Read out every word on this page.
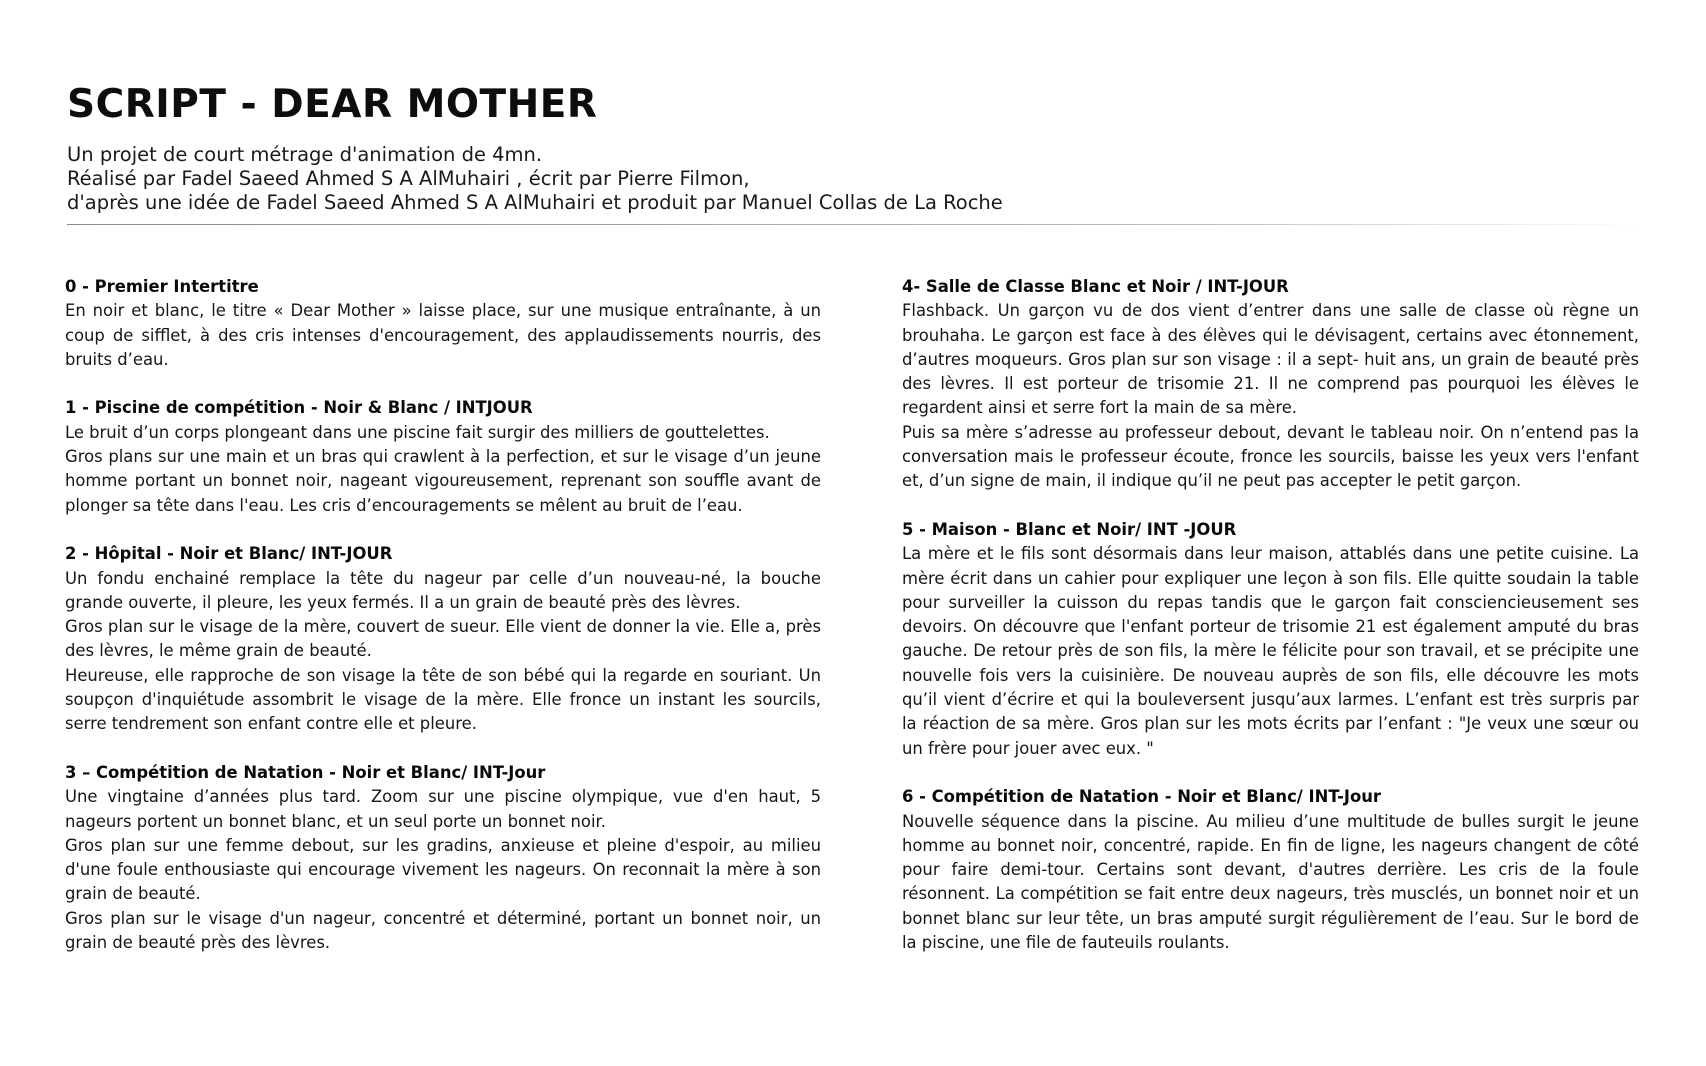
SCRIPT - DEAR MOTHER
Un projet de court métrage d'animation de 4mn.
Réalisé par Fadel Saeed Ahmed S A AlMuhairi , écrit par Pierre Filmon,
d'après une idée de Fadel Saeed Ahmed S A AlMuhairi et produit par Manuel Collas de La Roche

0 - Premier Intertitre

En noir et blanc, le titre « Dear Mother » laisse place, sur une musique entraînante, à un coup de sifflet, à des cris intenses d'encouragement, des applaudissements nourris, des bruits d’eau.

1 - Piscine de compétition - Noir & Blanc / INTJOUR

Le bruit d’un corps plongeant dans une piscine fait surgir des milliers de gouttelettes.

Gros plans sur une main et un bras qui crawlent à la perfection, et sur le visage d’un jeune homme portant un bonnet noir, nageant vigoureusement, reprenant son souffle avant de plonger sa tête dans l'eau. Les cris d’encouragements se mêlent au bruit de l’eau.

2 - Hôpital - Noir et Blanc/ INT-JOUR

Un fondu enchainé remplace la tête du nageur par celle d’un nouveau-né, la bouche grande ouverte, il pleure, les yeux fermés. Il a un grain de beauté près des lèvres.

Gros plan sur le visage de la mère, couvert de sueur. Elle vient de donner la vie. Elle a, près des lèvres, le même grain de beauté.

Heureuse, elle rapproche de son visage la tête de son bébé qui la regarde en souriant. Un soupçon d'inquiétude assombrit le visage de la mère. Elle fronce un instant les sourcils, serre tendrement son enfant contre elle et pleure.

3 – Compétition de Natation - Noir et Blanc/ INT-Jour

Une vingtaine d’années plus tard. Zoom sur une piscine olympique, vue d'en haut, 5 nageurs portent un bonnet blanc, et un seul porte un bonnet noir.

Gros plan sur une femme debout, sur les gradins, anxieuse et pleine d'espoir, au milieu d'une foule enthousiaste qui encourage vivement les nageurs. On reconnait la mère à son grain de beauté.

Gros plan sur le visage d'un nageur, concentré et déterminé, portant un bonnet noir, un grain de beauté près des lèvres.

4- Salle de Classe Blanc et Noir / INT-JOUR

Flashback. Un garçon vu de dos vient d’entrer dans une salle de classe où règne un brouhaha. Le garçon est face à des élèves qui le dévisagent, certains avec étonnement, d’autres moqueurs. Gros plan sur son visage : il a sept- huit ans, un grain de beauté près des lèvres. Il est porteur de trisomie 21. Il ne comprend pas pourquoi les élèves le regardent ainsi et serre fort la main de sa mère.

Puis sa mère s’adresse au professeur debout, devant le tableau noir. On n’entend pas la conversation mais le professeur écoute, fronce les sourcils, baisse les yeux vers l'enfant et, d’un signe de main, il indique qu’il ne peut pas accepter le petit garçon.

5 - Maison - Blanc et Noir/ INT -JOUR

La mère et le fils sont désormais dans leur maison, attablés dans une petite cuisine. La mère écrit dans un cahier pour expliquer une leçon à son fils. Elle quitte soudain la table pour surveiller la cuisson du repas tandis que le garçon fait consciencieusement ses devoirs. On découvre que l'enfant porteur de trisomie 21 est également amputé du bras gauche. De retour près de son fils, la mère le félicite pour son travail, et se précipite une nouvelle fois vers la cuisinière. De nouveau auprès de son fils, elle découvre les mots qu’il vient d’écrire et qui la bouleversent jusqu’aux larmes. L’enfant est très surpris par la réaction de sa mère. Gros plan sur les mots écrits par l’enfant : "Je veux une sœur ou un frère pour jouer avec eux. "

6 - Compétition de Natation - Noir et Blanc/ INT-Jour

Nouvelle séquence dans la piscine. Au milieu d’une multitude de bulles surgit le jeune homme au bonnet noir, concentré, rapide. En fin de ligne, les nageurs changent de côté pour faire demi-tour. Certains sont devant, d'autres derrière. Les cris de la foule résonnent. La compétition se fait entre deux nageurs, très musclés, un bonnet noir et un bonnet blanc sur leur tête, un bras amputé surgit régulièrement de l’eau. Sur le bord de la piscine, une file de fauteuils roulants.
